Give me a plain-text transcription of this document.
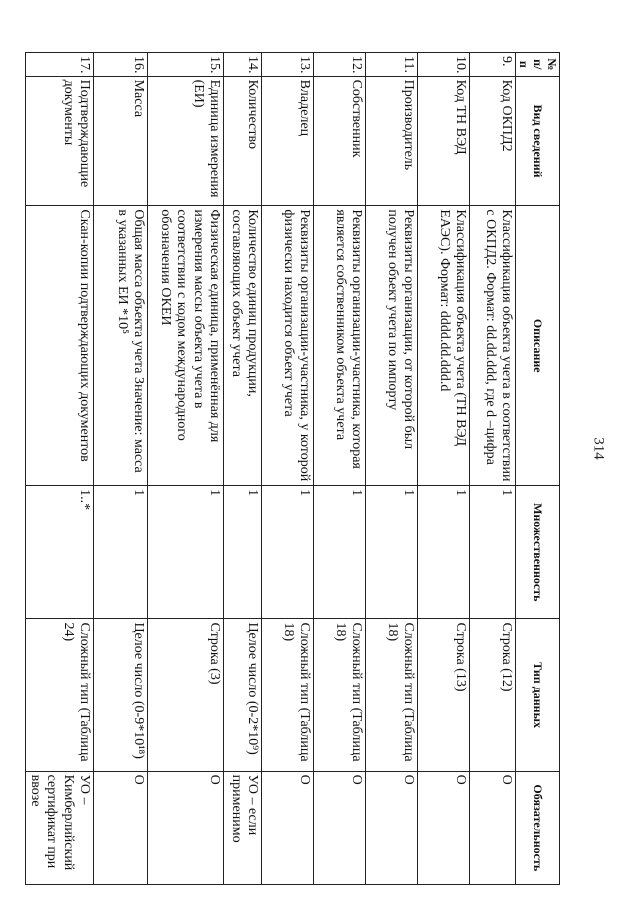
314
№ п/п	Вид сведений	Описание	Множественность	Тип данных	Обязательность
9.	Код ОКПД2	Классификация объекта учета в соответствии с ОКПД2. Формат: dd.dd.ddd, где d –цифра	1	Строка (12)	О
10.	Код ТН ВЭД	Классификация объекта учета (ТН ВЭД ЕАЭС). Формат: dddd.dd.ddd.d	1	Строка (13)	О
11.	Производитель	Реквизиты организации, от которой был получен объект учета по импорту	1	Сложный тип (Таблица 18)	О
12.	Собственник	Реквизиты организации-участника, которая является собственником объекта учета	1	Сложный тип (Таблица 18)	О
13.	Владелец	Реквизиты организации-участника, у которой физически находится объект учета	1	Сложный тип (Таблица 18)	О
14.	Количество	Количество единиц продукции, составляющих объект учета	1	Целое число (0-2*10⁹)	УО – если применимо
15.	Единица измерения (ЕИ)	Физическая единица, применённая для измерения массы объекта учета в соответствии с кодом международного обозначения ОКЕИ	1	Строка (3)	О
16.	Масса	Общая масса объекта учета Значение: масса в указанных ЕИ *10⁵	1	Целое число (0-9*10¹⁸)	О
17.	Подтверждающие документы	Скан-копии подтверждающих документов	1..*	Сложный тип (Таблица 24)	УО – Кимберлийский сертификат при ввозе
